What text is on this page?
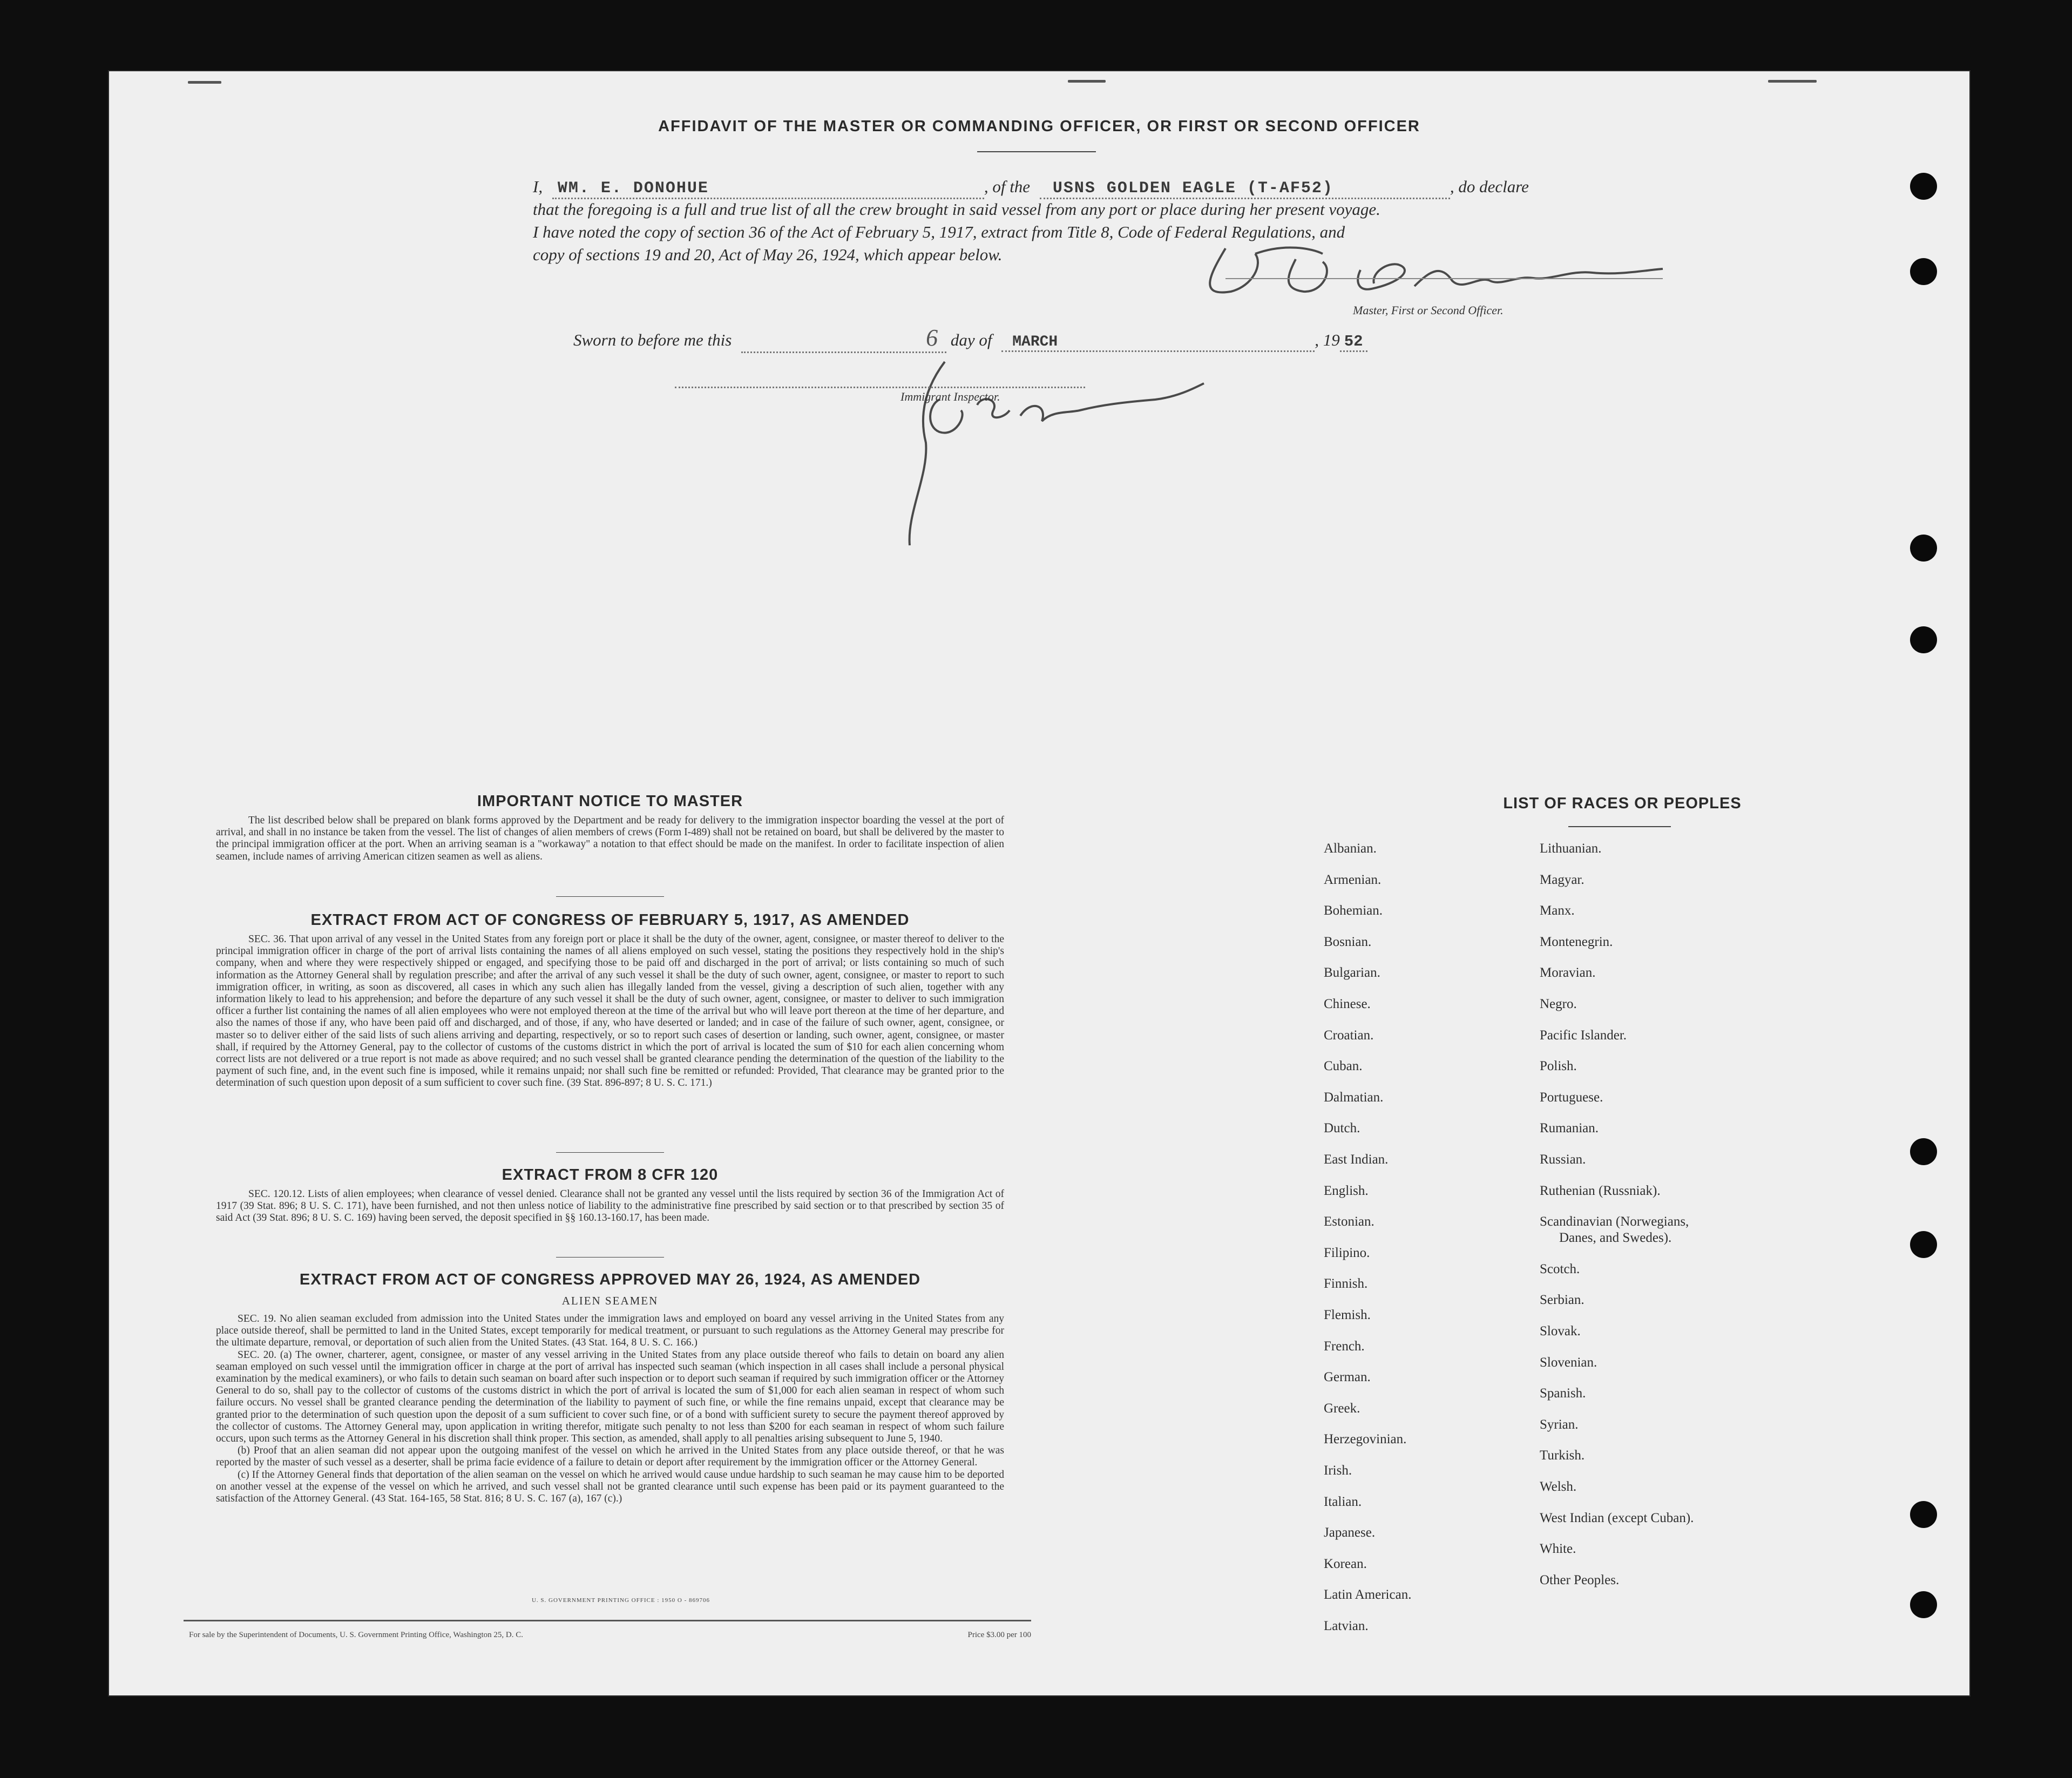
AFFIDAVIT OF THE MASTER OR COMMANDING OFFICER, OR FIRST OR SECOND OFFICER
I, WM. E. DONOHUE	, of the USNS GOLDEN EAGLE (T-AF52)	, do declare
that the foregoing is a full and true list of all the crew brought in said vessel from any port or place during her present voyage.
I have noted the copy of section 36 of the Act of February 5, 1917, extract from Title 8, Code of Federal Regulations, and
copy of sections 19 and 20, Act of May 26, 1924, which appear below.
Master, First or Second Officer.
Sworn to before me this	6 day of MARCH	, 19 52
Immigrant Inspector.
IMPORTANT NOTICE TO MASTER
The list described below shall be prepared on blank forms approved by the Department and be ready for delivery to the immigration inspector boarding the vessel at the port of arrival, and shall in no instance be taken from the vessel. The list of changes of alien members of crews (Form I-489) shall not be retained on board, but shall be delivered by the master to the principal immigration officer at the port. When an arriving seaman is a "workaway" a notation to that effect should be made on the manifest. In order to facilitate inspection of alien seamen, include names of arriving American citizen seamen as well as aliens.
EXTRACT FROM ACT OF CONGRESS OF FEBRUARY 5, 1917, AS AMENDED
SEC. 36. That upon arrival of any vessel in the United States from any foreign port or place it shall be the duty of the owner, agent, consignee, or master thereof to deliver to the principal immigration officer in charge of the port of arrival lists containing the names of all aliens employed on such vessel, stating the positions they respectively hold in the ship's company, when and where they were respectively shipped or engaged, and specifying those to be paid off and discharged in the port of arrival; or lists containing so much of such information as the Attorney General shall by regulation prescribe; and after the arrival of any such vessel it shall be the duty of such owner, agent, consignee, or master to report to such immigration officer, in writing, as soon as discovered, all cases in which any such alien has illegally landed from the vessel, giving a description of such alien, together with any information likely to lead to his apprehension; and before the departure of any such vessel it shall be the duty of such owner, agent, consignee, or master to deliver to such immigration officer a further list containing the names of all alien employees who were not employed thereon at the time of the arrival but who will leave port thereon at the time of her departure, and also the names of those if any, who have been paid off and discharged, and of those, if any, who have deserted or landed; and in case of the failure of such owner, agent, consignee, or master so to deliver either of the said lists of such aliens arriving and departing, respectively, or so to report such cases of desertion or landing, such owner, agent, consignee, or master shall, if required by the Attorney General, pay to the collector of customs of the customs district in which the port of arrival is located the sum of $10 for each alien concerning whom correct lists are not delivered or a true report is not made as above required; and no such vessel shall be granted clearance pending the determination of the question of the liability to the payment of such fine, and, in the event such fine is imposed, while it remains unpaid; nor shall such fine be remitted or refunded: Provided, That clearance may be granted prior to the determination of such question upon deposit of a sum sufficient to cover such fine. (39 Stat. 896-897; 8 U. S. C. 171.)
EXTRACT FROM 8 CFR 120
SEC. 120.12. Lists of alien employees; when clearance of vessel denied. Clearance shall not be granted any vessel until the lists required by section 36 of the Immigration Act of 1917 (39 Stat. 896; 8 U. S. C. 171), have been furnished, and not then unless notice of liability to the administrative fine prescribed by said section or to that prescribed by section 35 of said Act (39 Stat. 896; 8 U. S. C. 169) having been served, the deposit specified in §§ 160.13-160.17, has been made.
EXTRACT FROM ACT OF CONGRESS APPROVED MAY 26, 1924, AS AMENDED
ALIEN SEAMEN
SEC. 19. No alien seaman excluded from admission into the United States under the immigration laws and employed on board any vessel arriving in the United States from any place outside thereof, shall be permitted to land in the United States, except temporarily for medical treatment, or pursuant to such regulations as the Attorney General may prescribe for the ultimate departure, removal, or deportation of such alien from the United States. (43 Stat. 164, 8 U. S. C. 166.)
SEC. 20. (a) The owner, charterer, agent, consignee, or master of any vessel arriving in the United States from any place outside thereof who fails to detain on board any alien seaman employed on such vessel until the immigration officer in charge at the port of arrival has inspected such seaman (which inspection in all cases shall include a personal physical examination by the medical examiners), or who fails to detain such seaman on board after such inspection or to deport such seaman if required by such immigration officer or the Attorney General to do so, shall pay to the collector of customs of the customs district in which the port of arrival is located the sum of $1,000 for each alien seaman in respect of whom such failure occurs. No vessel shall be granted clearance pending the determination of the liability to payment of such fine, or while the fine remains unpaid, except that clearance may be granted prior to the determination of such question upon the deposit of a sum sufficient to cover such fine, or of a bond with sufficient surety to secure the payment thereof approved by the collector of customs. The Attorney General may, upon application in writing therefor, mitigate such penalty to not less than $200 for each seaman in respect of whom such failure occurs, upon such terms as the Attorney General in his discretion shall think proper. This section, as amended, shall apply to all penalties arising subsequent to June 5, 1940.
(b) Proof that an alien seaman did not appear upon the outgoing manifest of the vessel on which he arrived in the United States from any place outside thereof, or that he was reported by the master of such vessel as a deserter, shall be prima facie evidence of a failure to detain or deport after requirement by the immigration officer or the Attorney General.
(c) If the Attorney General finds that deportation of the alien seaman on the vessel on which he arrived would cause undue hardship to such seaman he may cause him to be deported on another vessel at the expense of the vessel on which he arrived, and such vessel shall not be granted clearance until such expense has been paid or its payment guaranteed to the satisfaction of the Attorney General. (43 Stat. 164-165, 58 Stat. 816; 8 U. S. C. 167 (a), 167 (c).)
U. S. GOVERNMENT PRINTING OFFICE : 1950 O - 869706
For sale by the Superintendent of Documents, U. S. Government Printing Office, Washington 25, D. C.	Price $3.00 per 100
LIST OF RACES OR PEOPLES
Albanian.
Armenian.
Bohemian.
Bosnian.
Bulgarian.
Chinese.
Croatian.
Cuban.
Dalmatian.
Dutch.
East Indian.
English.
Estonian.
Filipino.
Finnish.
Flemish.
French.
German.
Greek.
Herzegovinian.
Irish.
Italian.
Japanese.
Korean.
Latin American.
Latvian.
Lithuanian.
Magyar.
Manx.
Montenegrin.
Moravian.
Negro.
Pacific Islander.
Polish.
Portuguese.
Rumanian.
Russian.
Ruthenian (Russniak).
Scandinavian (Norwegians,
Danes, and Swedes).
Scotch.
Serbian.
Slovak.
Slovenian.
Spanish.
Syrian.
Turkish.
Welsh.
West Indian (except Cuban).
White.
Other Peoples.
